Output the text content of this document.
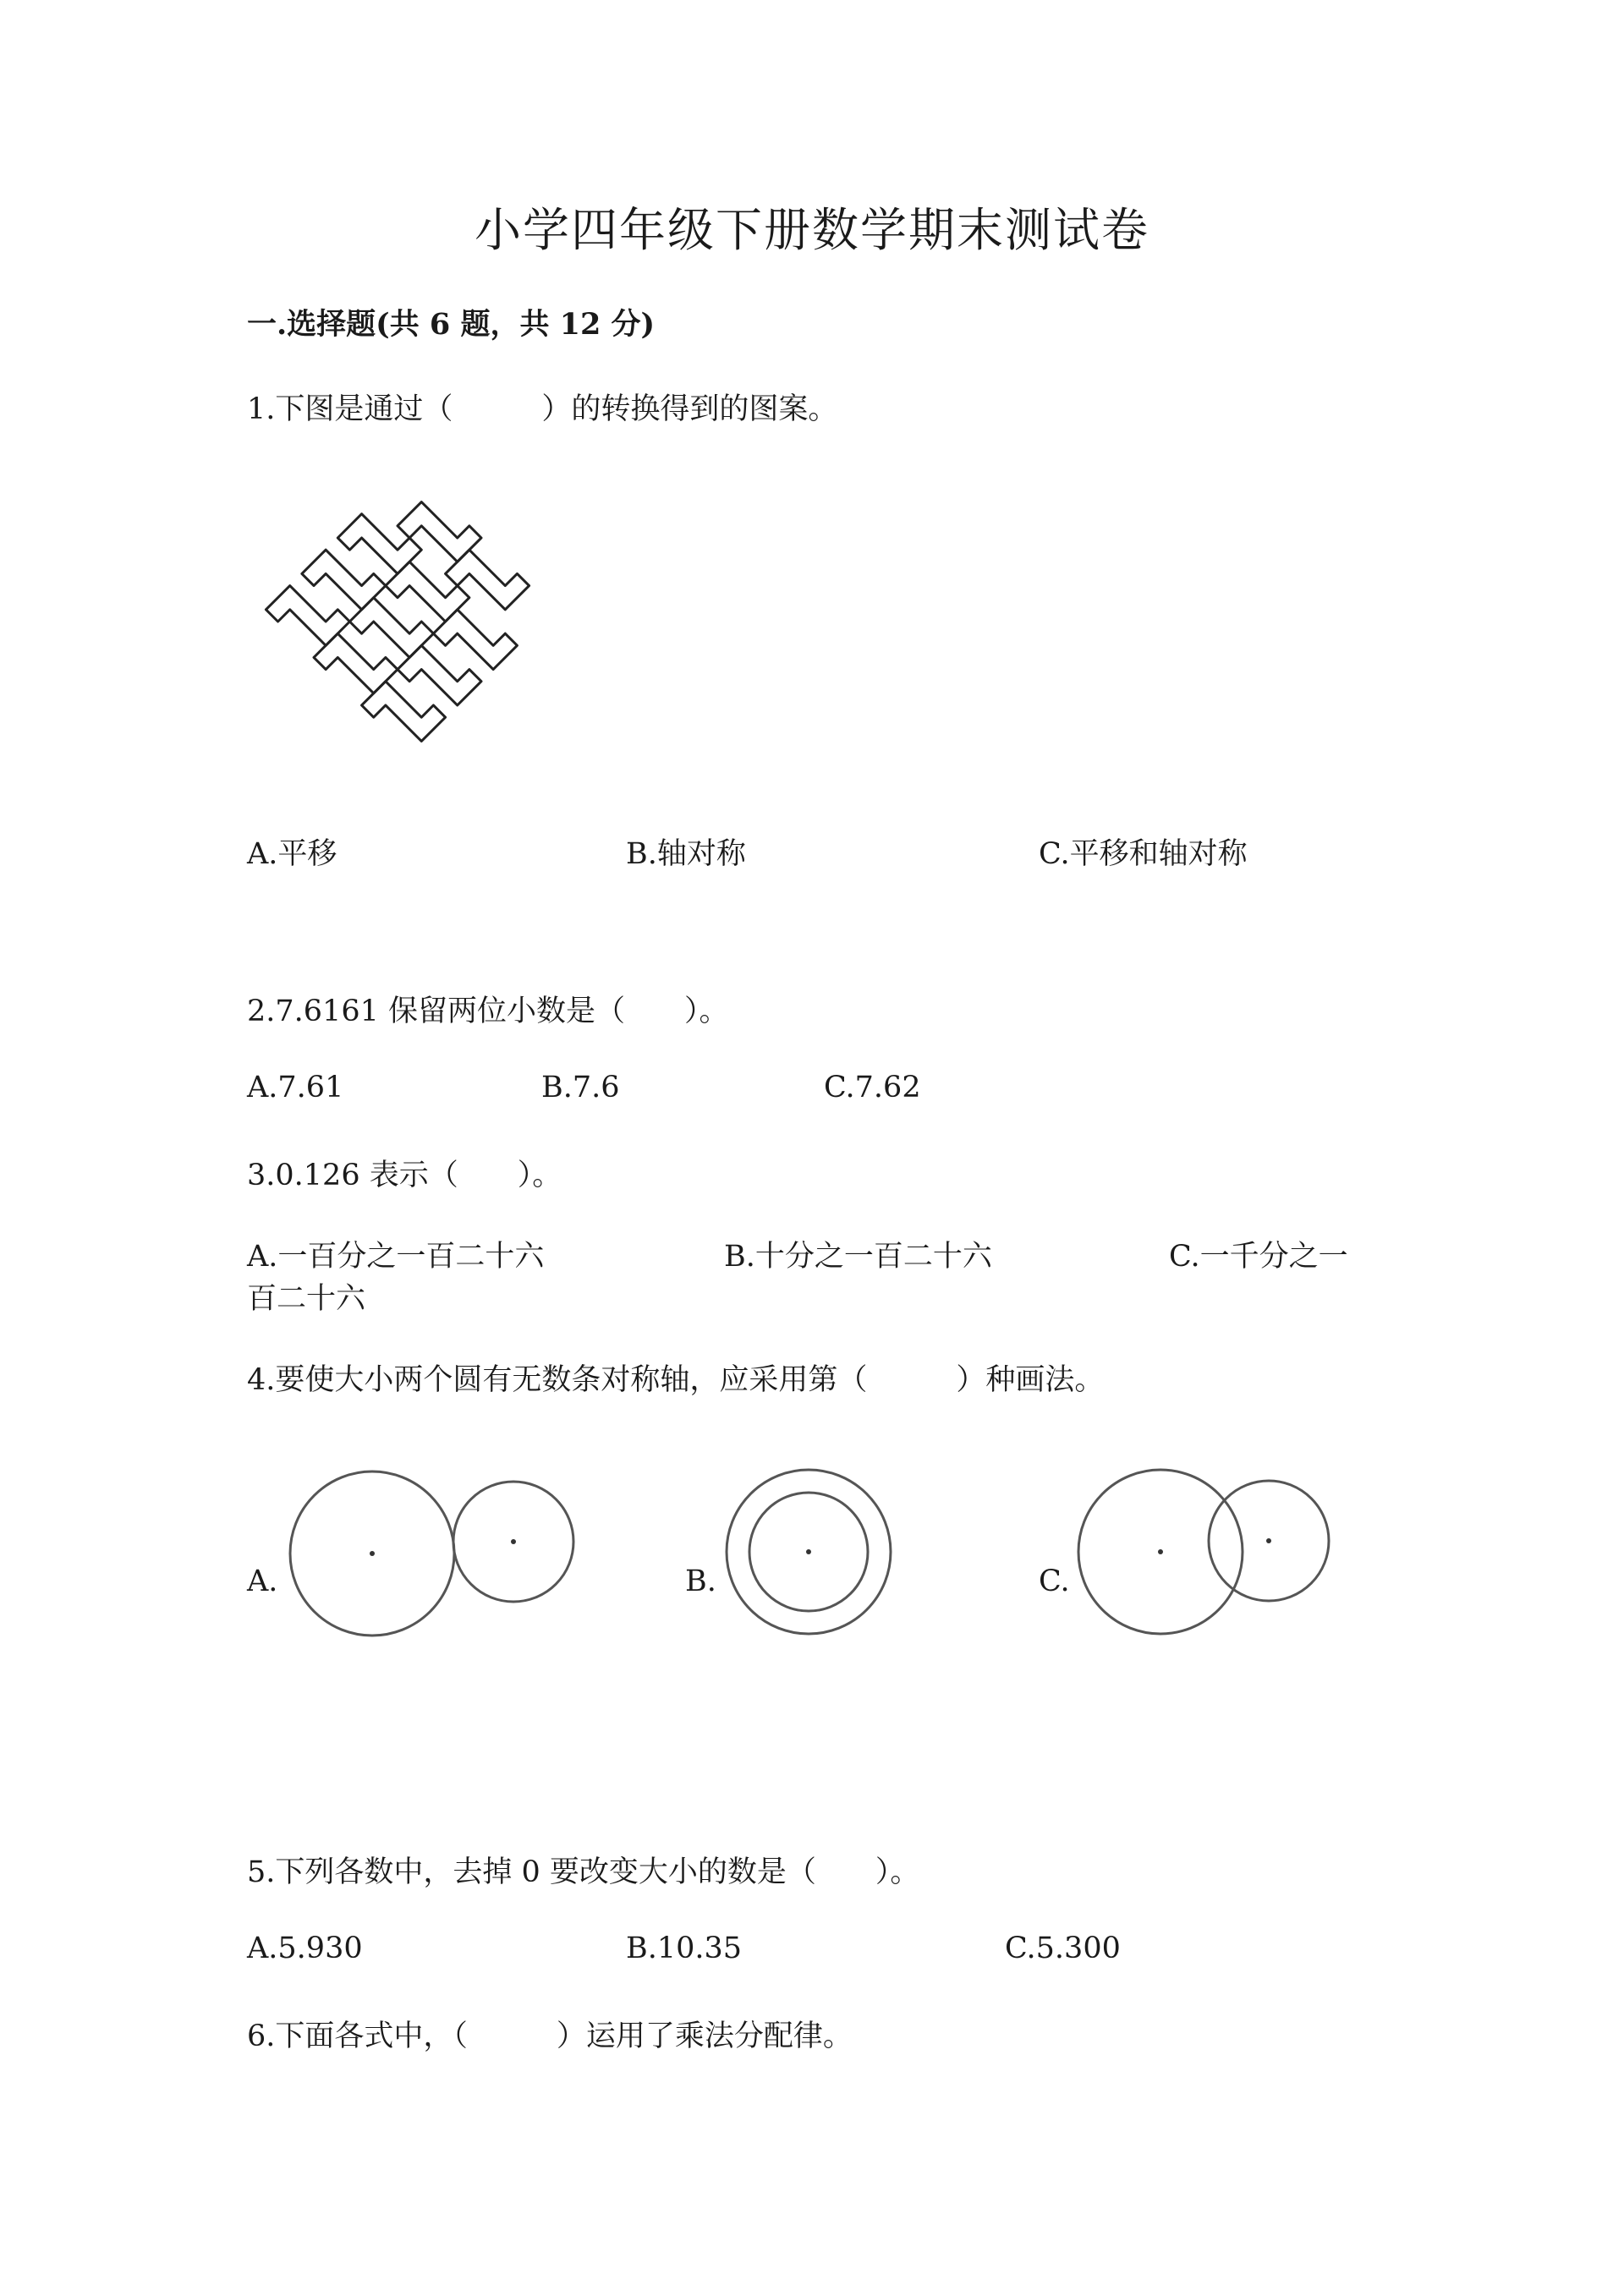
小学四年级下册数学期末测试卷
一.选择题(共 6 题，共 12 分)
1.下图是通过（　　　）的转换得到的图案。
A.平移	B.轴对称	C.平移和轴对称
2.7.6161 保留两位小数是（　　）。
A.7.61	B.7.6	C.7.62
3.0.126 表示（　　）。
A.一百分之一百二十六	B.十分之一百二十六	C.一千分之一
百二十六
4.要使大小两个圆有无数条对称轴，应采用第（　　　）种画法。
A.	B.	C.
5.下列各数中，去掉 0 要改变大小的数是（　　）。
A.5.930	B.10.35	C.5.300
6.下面各式中，（　　　）运用了乘法分配律。
